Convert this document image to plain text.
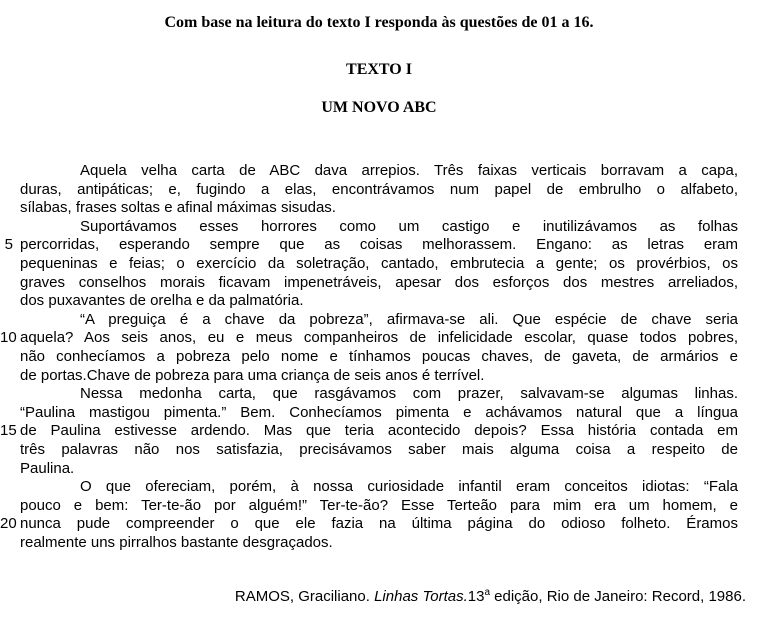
Com base na leitura do texto I responda às questões de 01 a 16.
TEXTO I
UM NOVO ABC
Aquela velha carta de ABC dava arrepios. Três faixas verticais borravam a capa,
duras, antipáticas; e, fugindo a elas, encontrávamos num papel de embrulho o alfabeto,
sílabas, frases soltas e afinal máximas sisudas.
Suportávamos esses horrores como um castigo e inutilizávamos as folhas
5 percorridas, esperando sempre que as coisas melhorassem. Engano: as letras eram
pequeninas e feias; o exercício da soletração, cantado, embrutecia a gente; os provérbios, os
graves conselhos morais ficavam impenetráveis, apesar dos esforços dos mestres arreliados,
dos puxavantes de orelha e da palmatória.
“A preguiça é a chave da pobreza”, afirmava-se ali. Que espécie de chave seria
10 aquela? Aos seis anos, eu e meus companheiros de infelicidade escolar, quase todos pobres,
não conhecíamos a pobreza pelo nome e tínhamos poucas chaves, de gaveta, de armários e
de portas.Chave de pobreza para uma criança de seis anos é terrível.
Nessa medonha carta, que rasgávamos com prazer, salvavam-se algumas linhas.
“Paulina mastigou pimenta.” Bem. Conhecíamos pimenta e achávamos natural que a língua
15 de Paulina estivesse ardendo. Mas que teria acontecido depois? Essa história contada em
três palavras não nos satisfazia, precisávamos saber mais alguma coisa a respeito de
Paulina.
O que ofereciam, porém, à nossa curiosidade infantil eram conceitos idiotas: “Fala
pouco e bem: Ter-te-ão por alguém!” Ter-te-ão? Esse Terteão para mim era um homem, e
20 nunca pude compreender o que ele fazia na última página do odioso folheto. Éramos
realmente uns pirralhos bastante desgraçados.
RAMOS, Graciliano. Linhas Tortas.13$^a$ edição, Rio de Janeiro: Record, 1986.
